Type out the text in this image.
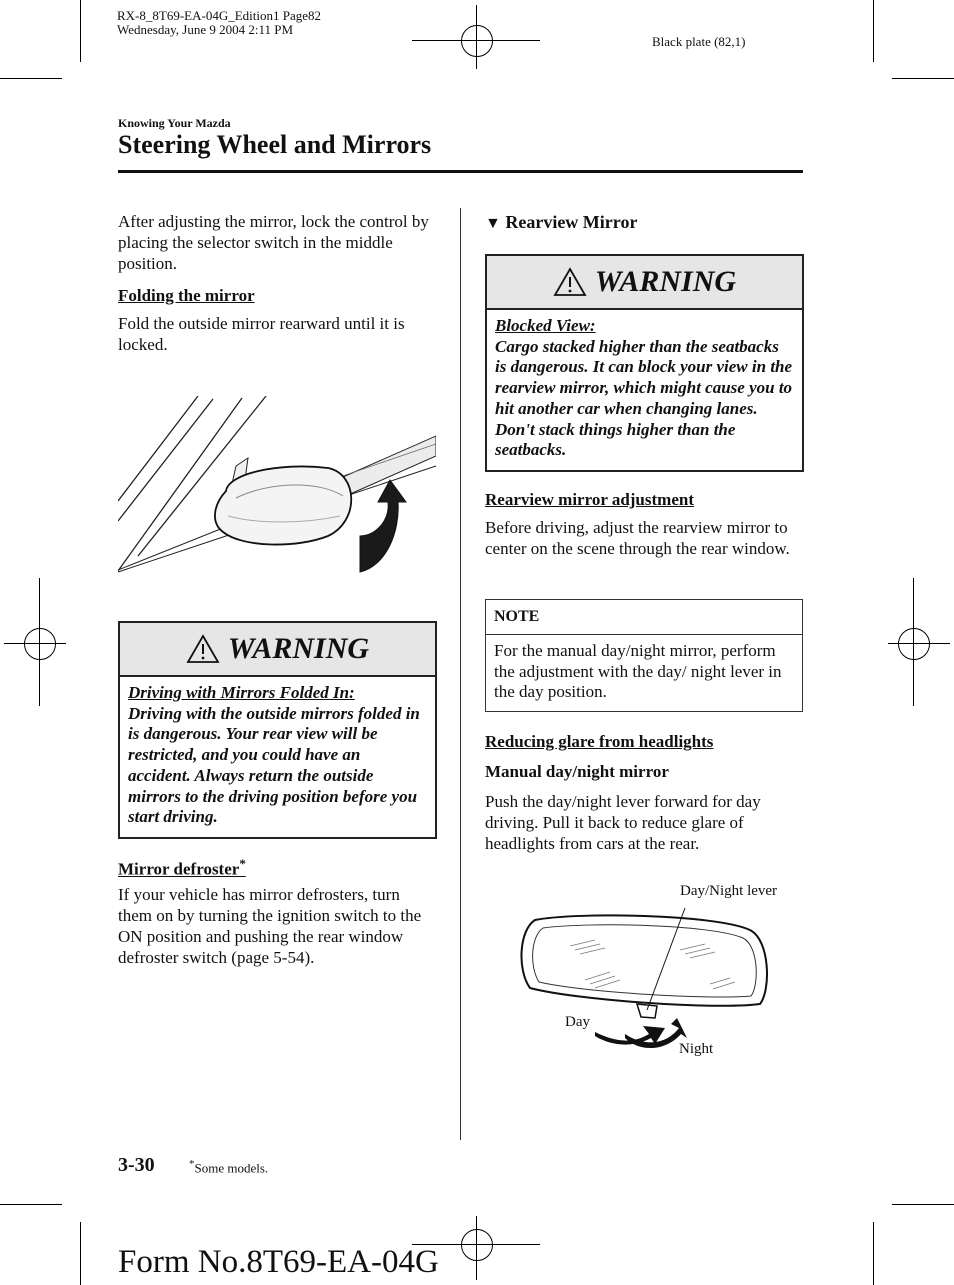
RX-8_8T69-EA-04G_Edition1 Page82
Wednesday, June 9 2004 2:11 PM
Black plate (82,1)
Knowing Your Mazda
Steering Wheel and Mirrors
After adjusting the mirror, lock the control by placing the selector switch in the middle position.
Folding the mirror
Fold the outside mirror rearward until it is locked.
WARNING
Driving with Mirrors Folded In:
Driving with the outside mirrors folded in is dangerous. Your rear view will be restricted, and you could have an accident. Always return the outside mirrors to the driving position before you start driving.
Mirror defroster*
If your vehicle has mirror defrosters, turn them on by turning the ignition switch to the ON position and pushing the rear window defroster switch (page 5-54).
▼ Rearview Mirror
WARNING
Blocked View:
Cargo stacked higher than the seatbacks is dangerous. It can block your view in the rearview mirror, which might cause you to hit another car when changing lanes. Don't stack things higher than the seatbacks.
Rearview mirror adjustment
Before driving, adjust the rearview mirror to center on the scene through the rear window.
NOTE
For the manual day/night mirror, perform the adjustment with the day/ night lever in the day position.
Reducing glare from headlights
Manual day/night mirror
Push the day/night lever forward for day driving. Pull it back to reduce glare of headlights from cars at the rear.
Day/Night lever
Day
Night
3-30	*Some models.
Form No.8T69-EA-04G
